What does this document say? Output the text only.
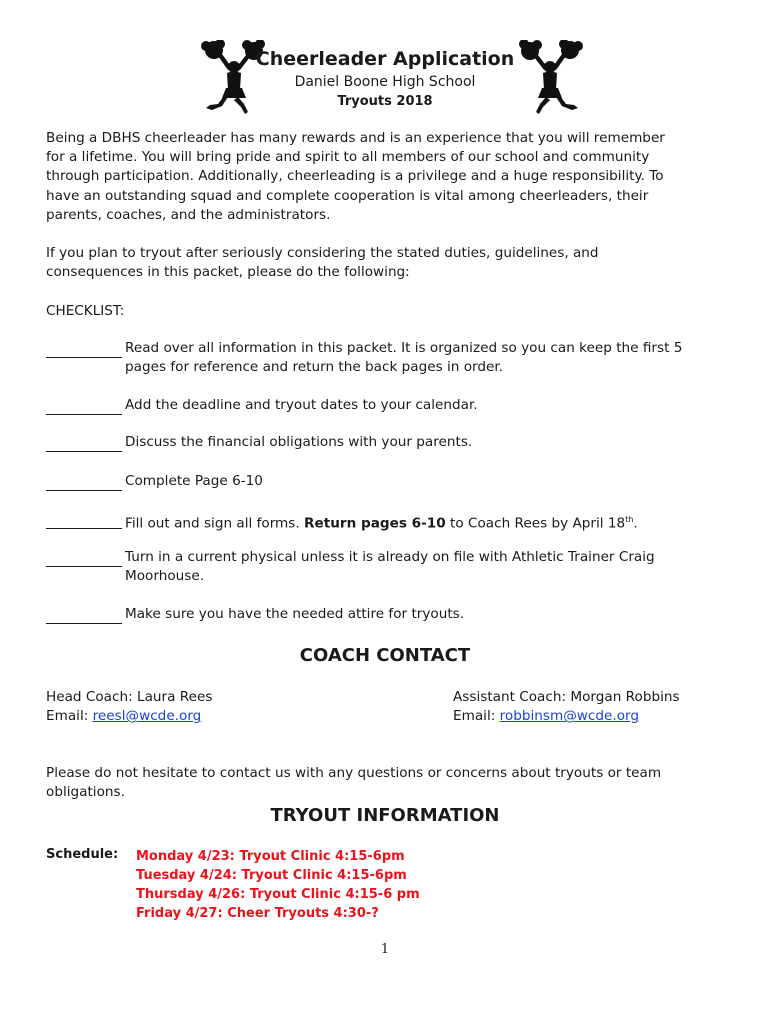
Cheerleader Application
Daniel Boone High School
Tryouts 2018
Being a DBHS cheerleader has many rewards and is an experience that you will remember
for a lifetime. You will bring pride and spirit to all members of our school and community
through participation. Additionally, cheerleading is a privilege and a huge responsibility. To
have an outstanding squad and complete cooperation is vital among cheerleaders, their
parents, coaches, and the administrators.
If you plan to tryout after seriously considering the stated duties, guidelines, and
consequences in this packet, please do the following:
CHECKLIST:
Read over all information in this packet. It is organized so you can keep the first 5
pages for reference and return the back pages in order.
Add the deadline and tryout dates to your calendar.
Discuss the financial obligations with your parents.
Complete Page 6-10
Fill out and sign all forms. Return pages 6-10 to Coach Rees by April 18th.
Turn in a current physical unless it is already on file with Athletic Trainer Craig
Moorhouse.
Make sure you have the needed attire for tryouts.
COACH CONTACT
Head Coach: Laura Rees
Email: reesl@wcde.org
Assistant Coach: Morgan Robbins
Email: robbinsm@wcde.org
Please do not hesitate to contact us with any questions or concerns about tryouts or team
obligations.
TRYOUT INFORMATION
Schedule: Monday 4/23: Tryout Clinic 4:15-6pm
Tuesday 4/24: Tryout Clinic 4:15-6pm
Thursday 4/26: Tryout Clinic 4:15-6 pm
Friday 4/27: Cheer Tryouts 4:30-?
1
